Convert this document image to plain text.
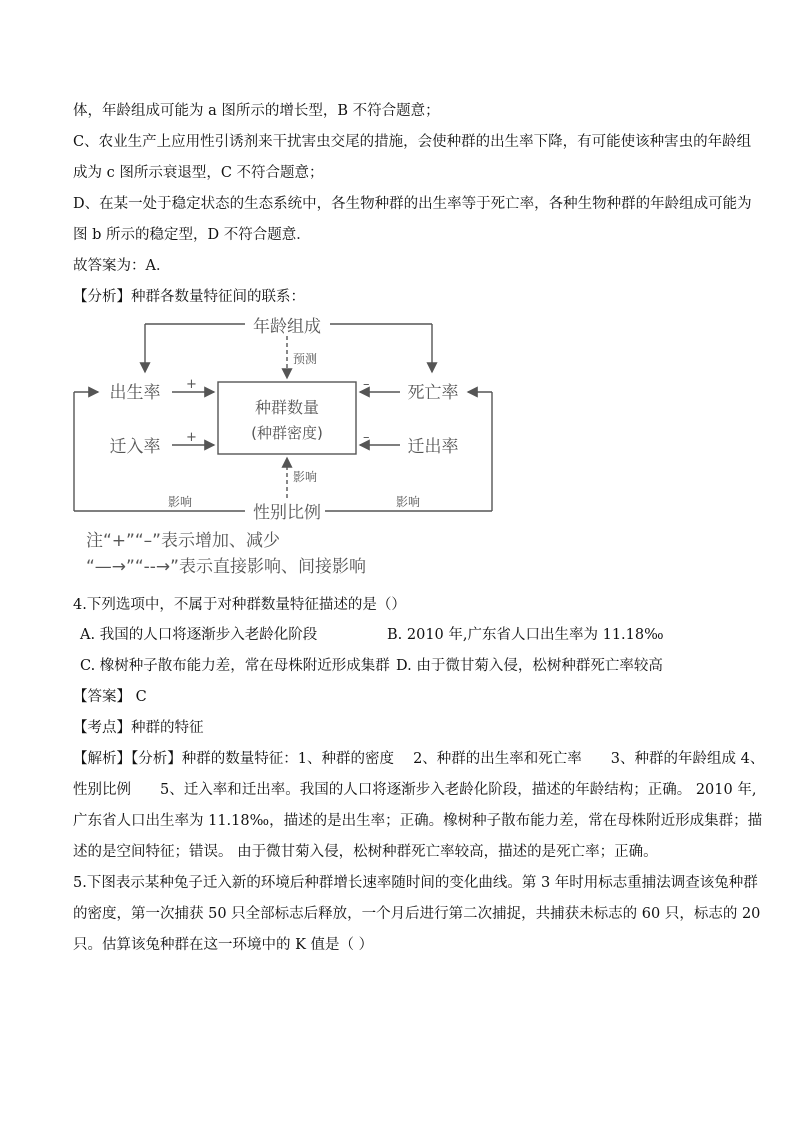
体，年龄组成可能为 a 图所示的增长型，B 不符合题意；
C、农业生产上应用性引诱剂来干扰害虫交尾的措施，会使种群的出生率下降，有可能使该种害虫的年龄组
成为 c 图所示衰退型，C 不符合题意；
D、在某一处于稳定状态的生态系统中，各生物种群的出生率等于死亡率，各种生物种群的年龄组成可能为
图 b 所示的稳定型，D 不符合题意．
故答案为：A．
【分析】种群各数量特征间的联系：
年龄组成
预测
出生率
迁入率
死亡率
迁出率
种群数量
(种群密度)
性别比例
影响
影响	影响
+
+
–
–
注“+”“–”表示增加、减少
“—→”“--→”表示直接影响、间接影响
4.下列选项中，不属于对种群数量特征描述的是（）
A. 我国的人口将逐渐步入老龄化阶段	B. 2010 年,广东省人口出生率为 11.18‰
C. 橡树种子散布能力差，常在母株附近形成集群 D. 由于微甘菊入侵，松树种群死亡率较高
【答案】 C
【考点】种群的特征
【解析】【分析】种群的数量特征：1、种群的密度　 2、种群的出生率和死亡率　　3、种群的年龄组成 4、
性别比例　　5、迁入率和迁出率。我国的人口将逐渐步入老龄化阶段，描述的年龄结构；正确。 2010 年,
广东省人口出生率为 11.18‰，描述的是出生率；正确。橡树种子散布能力差，常在母株附近形成集群；描
述的是空间特征；错误。 由于微甘菊入侵，松树种群死亡率较高，描述的是死亡率；正确。
5.下图表示某种兔子迁入新的环境后种群增长速率随时间的变化曲线。第 3 年时用标志重捕法调查该兔种群
的密度，第一次捕获 50 只全部标志后释放，一个月后进行第二次捕捉，共捕获未标志的 60 只，标志的 20
只。估算该兔种群在这一环境中的 K 值是（ ）
